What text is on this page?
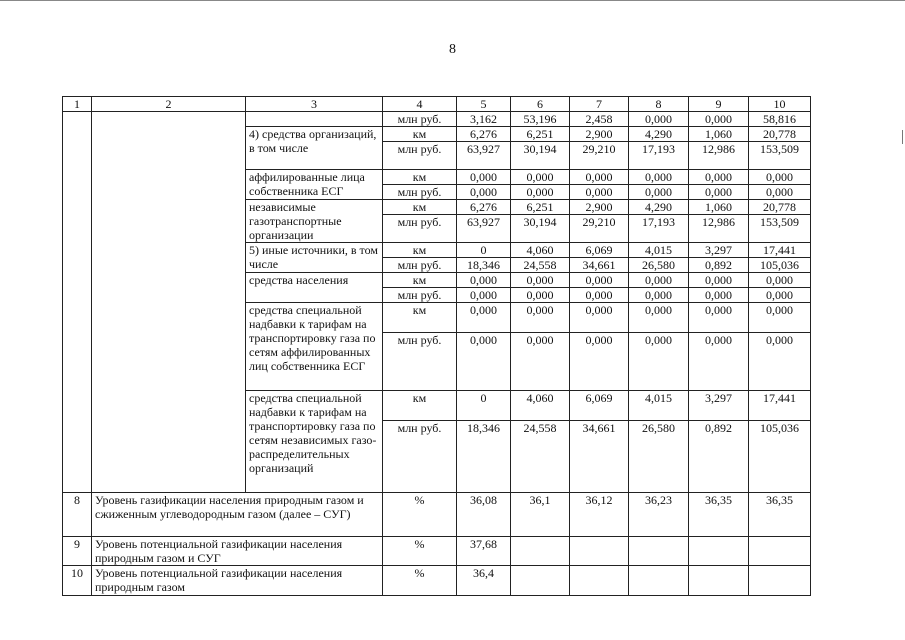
8
1	2	3	4	5	6	7	8	9	10
			млн руб.	3,162	53,196	2,458	0,000	0,000	58,816
		4) средства организаций, в том числе	км	6,276	6,251	2,900	4,290	1,060	20,778
			млн руб.	63,927	30,194	29,210	17,193	12,986	153,509
		аффилированные лица собственника ЕСГ	км	0,000	0,000	0,000	0,000	0,000	0,000
			млн руб.	0,000	0,000	0,000	0,000	0,000	0,000
		независимые газотранспортные организации	км	6,276	6,251	2,900	4,290	1,060	20,778
			млн руб.	63,927	30,194	29,210	17,193	12,986	153,509
		5) иные источники, в том числе	км	0	4,060	6,069	4,015	3,297	17,441
			млн руб.	18,346	24,558	34,661	26,580	0,892	105,036
		средства населения	км	0,000	0,000	0,000	0,000	0,000	0,000
			млн руб.	0,000	0,000	0,000	0,000	0,000	0,000
		средства специальной надбавки к тарифам на транспортировку газа по сетям аффилированных лиц собственника ЕСГ	км	0,000	0,000	0,000	0,000	0,000	0,000
			млн руб.	0,000	0,000	0,000	0,000	0,000	0,000
		средства специальной надбавки к тарифам на транспортировку газа по сетям независимых газо-распределительных организаций	км	0	4,060	6,069	4,015	3,297	17,441
			млн руб.	18,346	24,558	34,661	26,580	0,892	105,036
8	Уровень газификации населения природным газом и сжиженным углеводородным газом (далее – СУГ)		%	36,08	36,1	36,12	36,23	36,35	36,35
9	Уровень потенциальной газификации населения природным газом и СУГ		%	37,68					
10	Уровень потенциальной газификации населения природным газом		%	36,4					
